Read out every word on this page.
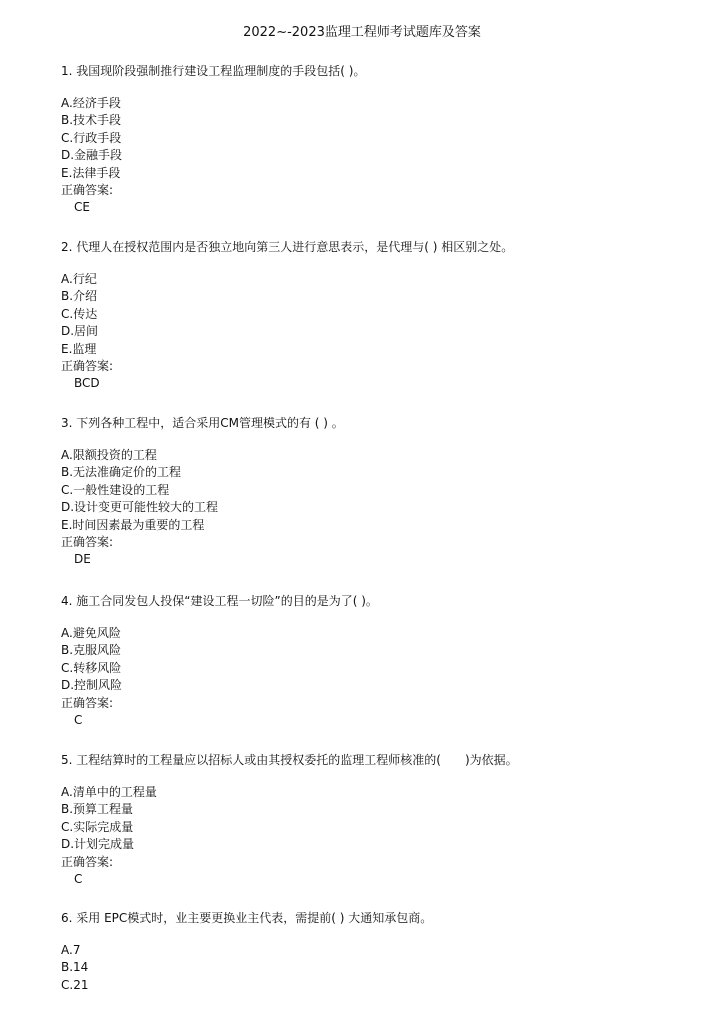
2022~-2023监理工程师考试题库及答案
1. 我国现阶段强制推行建设工程监理制度的手段包括( )。
A.经济手段
B.技术手段
C.行政手段
D.金融手段
E.法律手段
正确答案:
CE
2. 代理人在授权范围内是否独立地向第三人进行意思表示，是代理与( ) 相区别之处。
A.行纪
B.介绍
C.传达
D.居间
E.监理
正确答案:
BCD
3. 下列各种工程中，适合采用CM管理模式的有 ( ) 。
A.限额投资的工程
B.无法准确定价的工程
C.一般性建设的工程
D.设计变更可能性较大的工程
E.时间因素最为重要的工程
正确答案:
DE
4. 施工合同发包人投保“建设工程一切险”的目的是为了( )。
A.避免风险
B.克服风险
C.转移风险
D.控制风险
正确答案:
C
5. 工程结算时的工程量应以招标人或由其授权委托的监理工程师核准的(　　)为依据。
A.清单中的工程量
B.预算工程量
C.实际完成量
D.计划完成量
正确答案:
C
6. 采用 EPC模式时，业主要更换业主代表，需提前( ) 大通知承包商。
A.7
B.14
C.21
